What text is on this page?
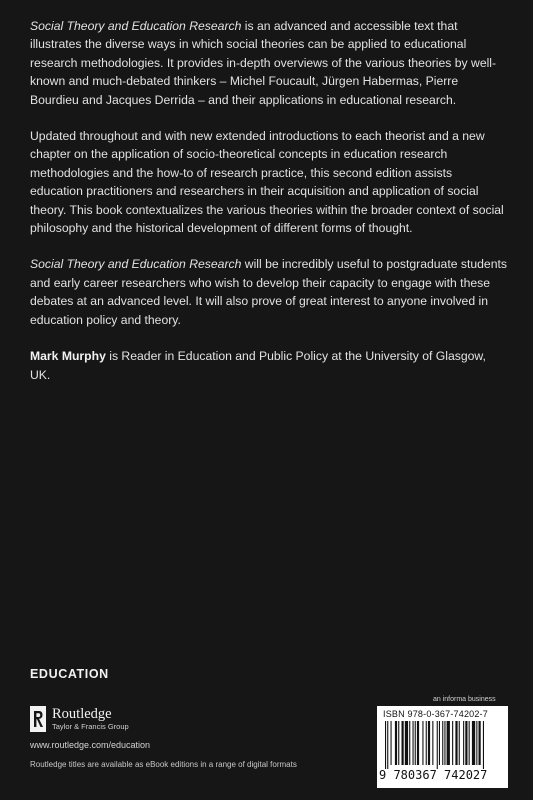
Social Theory and Education Research is an advanced and accessible text that illustrates the diverse ways in which social theories can be applied to educational research methodologies. It provides in-depth overviews of the various theories by well-known and much-debated thinkers – Michel Foucault, Jürgen Habermas, Pierre Bourdieu and Jacques Derrida – and their applications in educational research.

Updated throughout and with new extended introductions to each theorist and a new chapter on the application of socio-theoretical concepts in education research methodologies and the how-to of research practice, this second edition assists education practitioners and researchers in their acquisition and application of social theory. This book contextualizes the various theories within the broader context of social philosophy and the historical development of different forms of thought.

Social Theory and Education Research will be incredibly useful to postgraduate students and early career researchers who wish to develop their capacity to engage with these debates at an advanced level. It will also prove of great interest to anyone involved in education policy and theory.

Mark Murphy is Reader in Education and Public Policy at the University of Glasgow, UK.

EDUCATION
Routledge
Taylor & Francis Group
www.routledge.com/education
Routledge titles are available as eBook editions in a range of digital formats
an informa business
ISBN 978-0-367-74202-7
9 780367 742027
